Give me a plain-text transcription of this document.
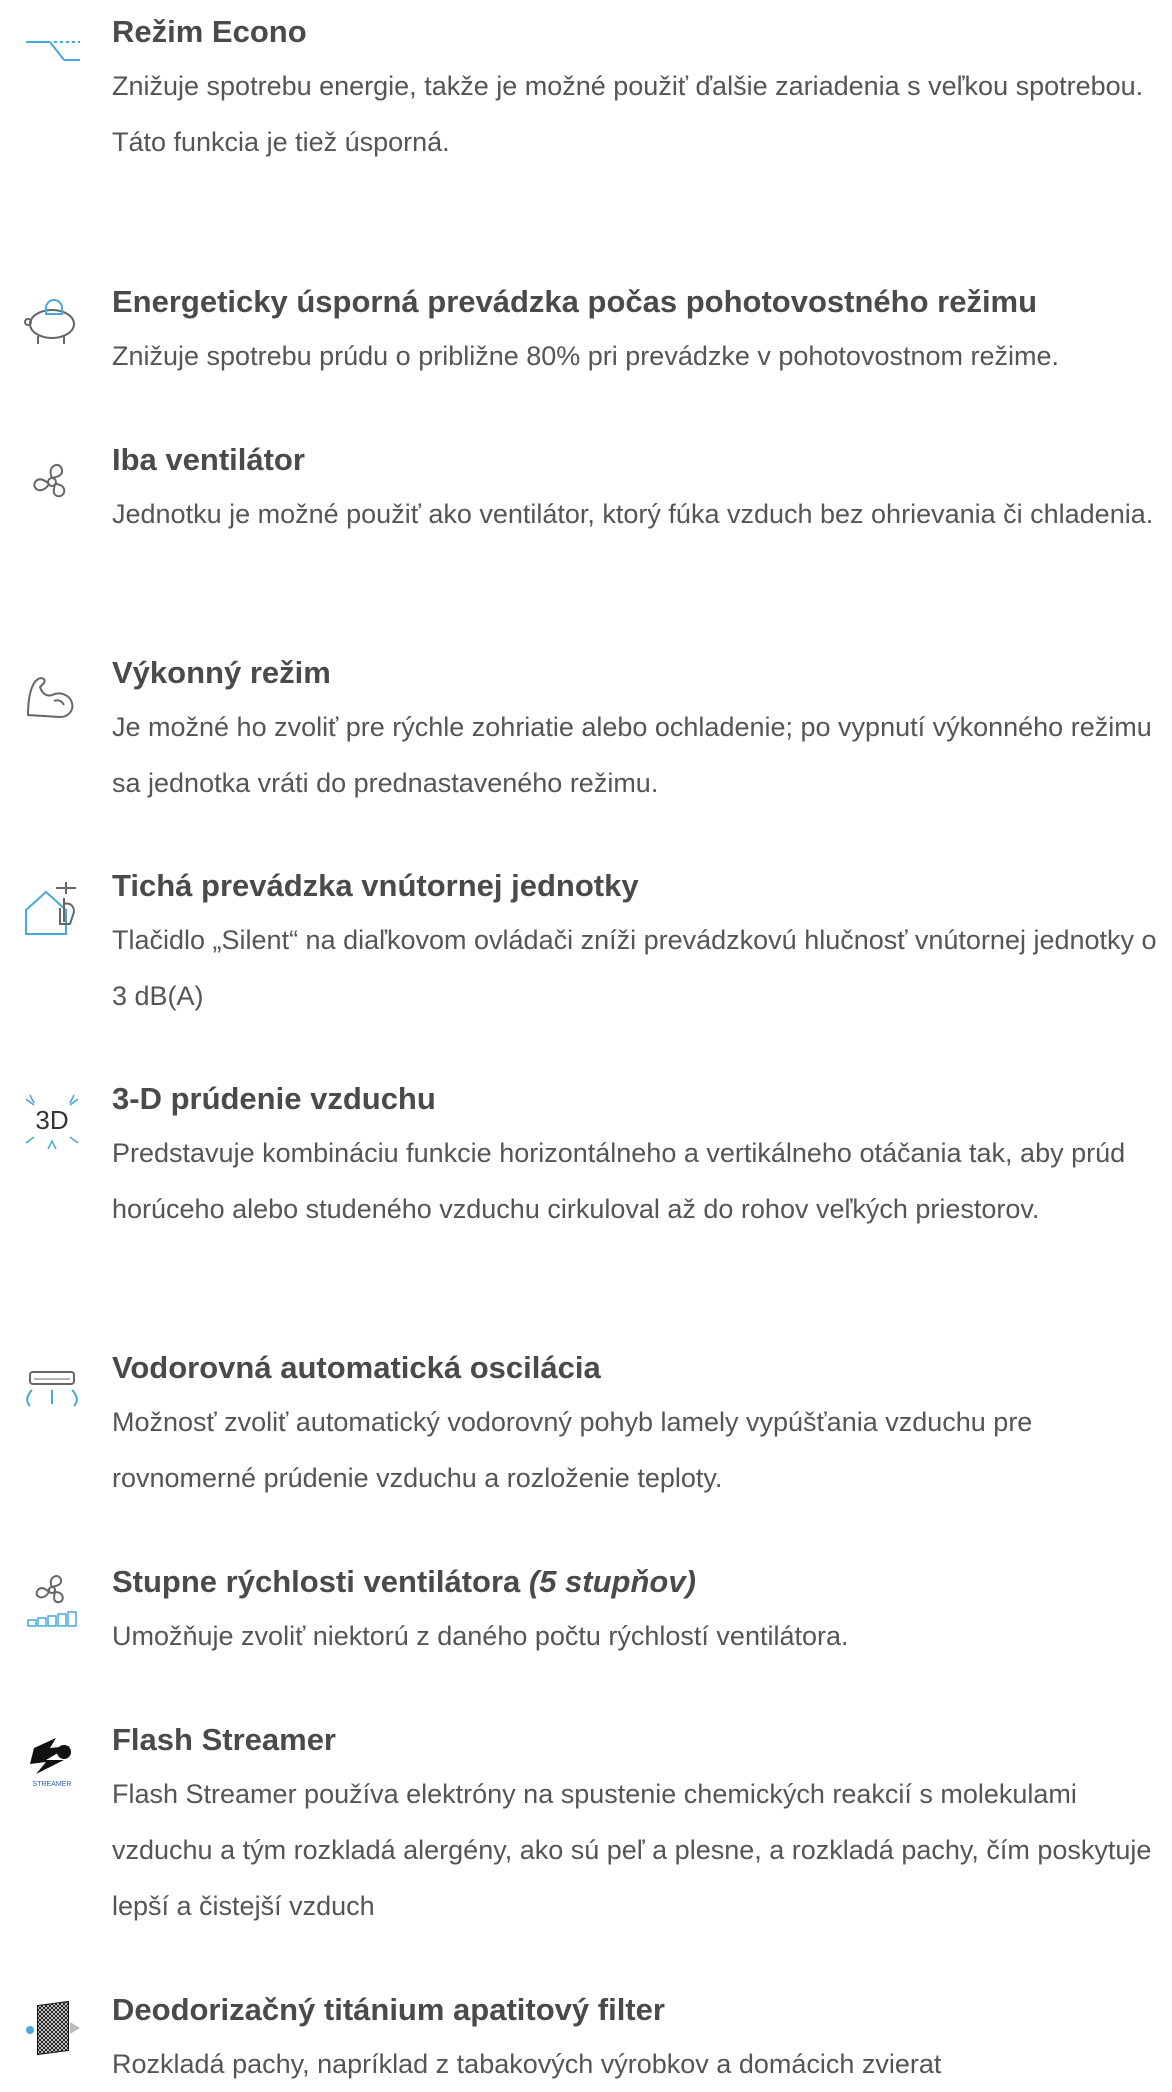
Režim Econo
Znižuje spotrebu energie, takže je možné použiť ďalšie zariadenia s veľkou spotrebou. Táto funkcia je tiež úsporná.
Energeticky úsporná prevádzka počas pohotovostného režimu
Znižuje spotrebu prúdu o približne 80% pri prevádzke v pohotovostnom režime.
Iba ventilátor
Jednotku je možné použiť ako ventilátor, ktorý fúka vzduch bez ohrievania či chladenia.
Výkonný režim
Je možné ho zvoliť pre rýchle zohriatie alebo ochladenie; po vypnutí výkonného režimu sa jednotka vráti do prednastaveného režimu.
Tichá prevádzka vnútornej jednotky
Tlačidlo „Silent“ na diaľkovom ovládači zníži prevádzkovú hlučnosť vnútornej jednotky o 3 dB(A)
3D
3-D prúdenie vzduchu
Predstavuje kombináciu funkcie horizontálneho a vertikálneho otáčania tak, aby prúd horúceho alebo studeného vzduchu cirkuloval až do rohov veľkých priestorov.
Vodorovná automatická oscilácia
Možnosť zvoliť automatický vodorovný pohyb lamely vypúšťania vzduchu pre rovnomerné prúdenie vzduchu a rozloženie teploty.
Stupne rýchlosti ventilátora (5 stupňov)
Umožňuje zvoliť niektorú z daného počtu rýchlostí ventilátora.
STREAMER
Flash Streamer
Flash Streamer používa elektróny na spustenie chemických reakcií s molekulami vzduchu a tým rozkladá alergény, ako sú peľ a plesne, a rozkladá pachy, čím poskytuje lepší a čistejší vzduch
Deodorizačný titánium apatitový filter
Rozkladá pachy, napríklad z tabakových výrobkov a domácich zvierat
